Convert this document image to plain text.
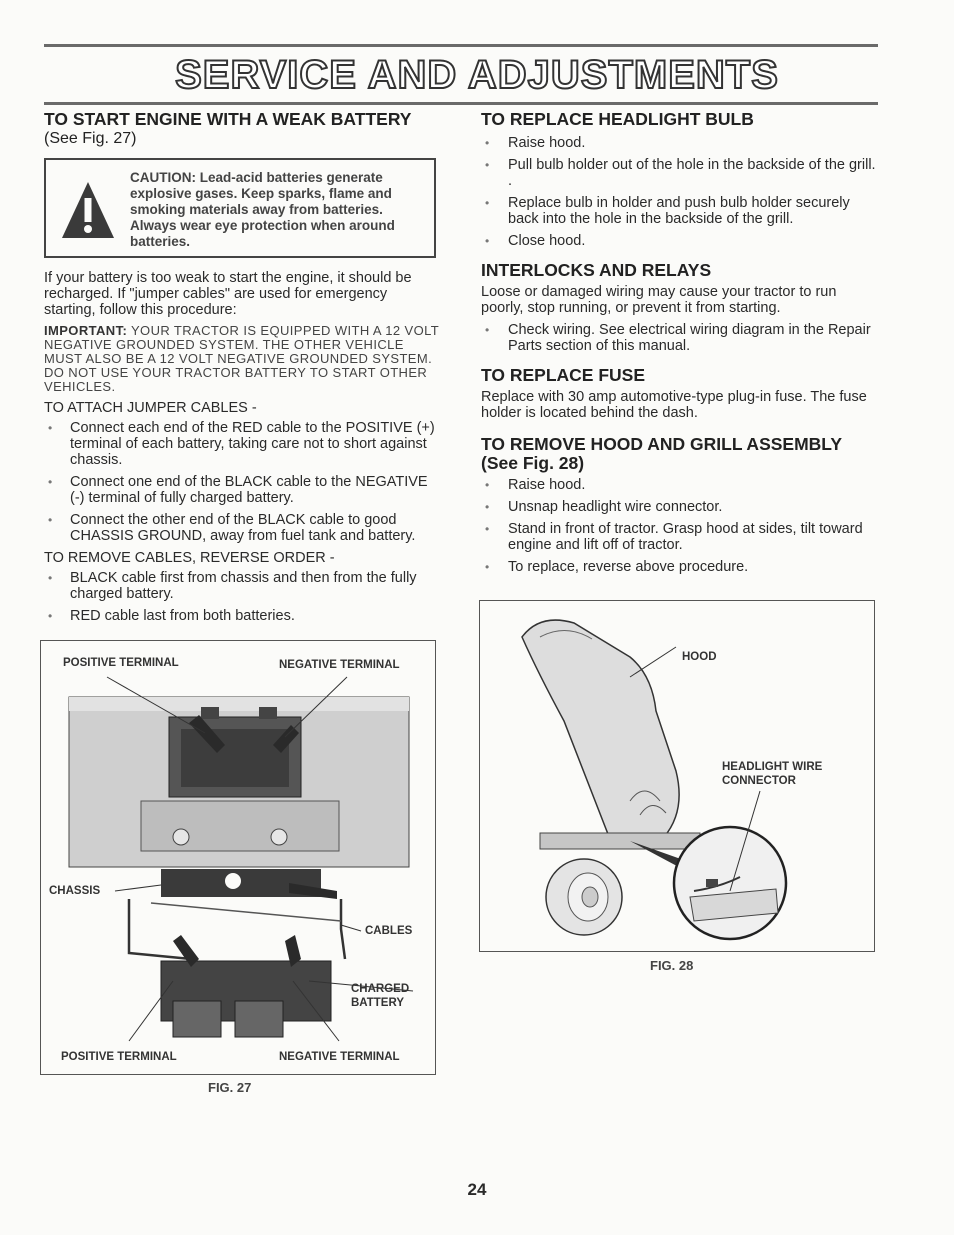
SERVICE AND ADJUSTMENTS
TO START ENGINE WITH A WEAK BATTERY
(See Fig. 27)
CAUTION: Lead-acid batteries generate explosive gases. Keep sparks, flame and smoking materials away from batteries. Always wear eye protection when around batteries.

If your battery is too weak to start the engine, it should be recharged. If "jumper cables" are used for emergency starting, follow this procedure:

IMPORTANT: YOUR TRACTOR IS EQUIPPED WITH A 12 VOLT NEGATIVE GROUNDED SYSTEM. THE OTHER VEHICLE MUST ALSO BE A 12 VOLT NEGATIVE GROUNDED SYSTEM. DO NOT USE YOUR TRACTOR BATTERY TO START OTHER VEHICLES.

TO ATTACH JUMPER CABLES -

• Connect each end of the RED cable to the POSITIVE (+) terminal of each battery, taking care not to short against chassis.
• Connect one end of the BLACK cable to the NEGATIVE (-) terminal of fully charged battery.
• Connect the other end of the BLACK cable to good CHASSIS GROUND, away from fuel tank and battery.

TO REMOVE CABLES, REVERSE ORDER -

• BLACK cable first from chassis and then from the fully charged battery.
• RED cable last from both batteries.
TO REPLACE HEADLIGHT BULB
• Raise hood.
• Pull bulb holder out of the hole in the backside of the grill. .
• Replace bulb in holder and push bulb holder securely back into the hole in the backside of the grill.
• Close hood.
INTERLOCKS AND RELAYS

Loose or damaged wiring may cause your tractor to run poorly, stop running, or prevent it from starting.

• Check wiring. See electrical wiring diagram in the Repair Parts section of this manual.
TO REPLACE FUSE

Replace with 30 amp automotive-type plug-in fuse. The fuse holder is located behind the dash.

TO REMOVE HOOD AND GRILL ASSEMBLY
(See Fig. 28)
• Raise hood.
• Unsnap headlight wire connector.
• Stand in front of tractor. Grasp hood at sides, tilt toward engine and lift off of tractor.
• To replace, reverse above procedure.
POSITIVE TERMINAL	NEGATIVE TERMINAL
CHASSIS
CABLES
CHARGED
BATTERY
POSITIVE TERMINAL	NEGATIVE TERMINAL
FIG. 27
HOOD
HEADLIGHT WIRE
CONNECTOR
FIG. 28
24
